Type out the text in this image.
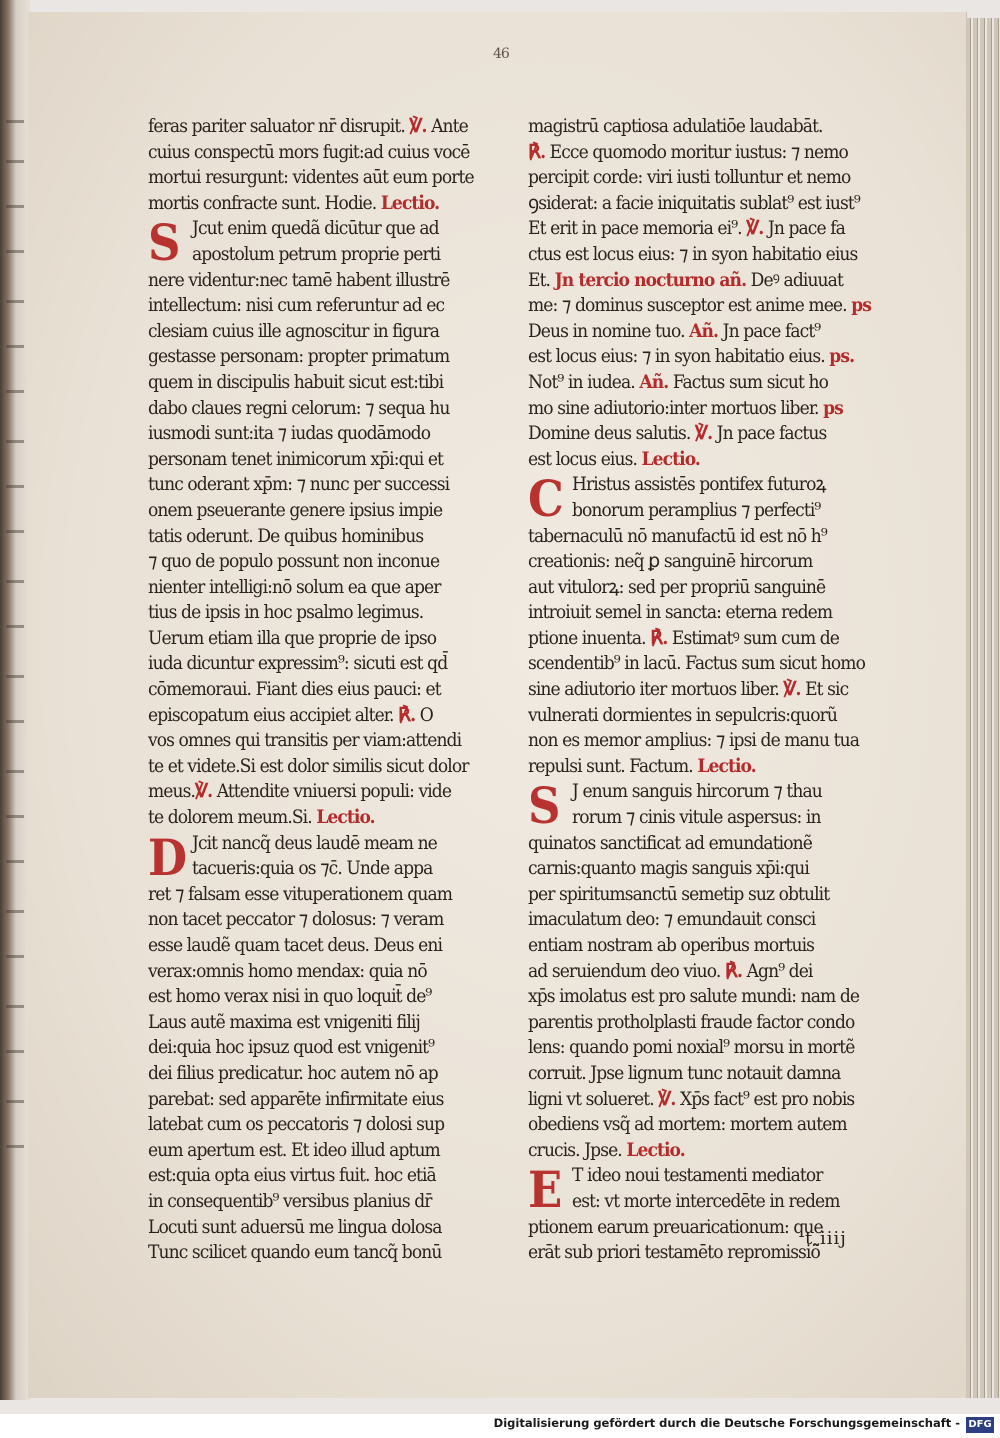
46
feras pariter saluator nr̄ disrupit. ℣. Ante
cuius conspectū mors fugit:ad cuius vocē
mortui resurgunt: videntes aūt eum porte
mortis confracte sunt. Hodie. Lectio.
S Jcut enim quedã dicūtur que ad
apostolum petrum proprie perti
nere videntur:nec tamē habent illustrē
intellectum: nisi cum referuntur ad ec
clesiam cuius ille agnoscitur in figura
gestasse personam: propter primatum
quem in discipulis habuit sicut est:tibi
dabo claues regni celorum: ⁊ sequa hu
iusmodi sunt:ita ⁊ iudas quodāmodo
personam tenet inimicorum xp̄i:qui et
tunc oderant xp̄m: ⁊ nunc per successi
onem pseuerante genere ipsius impie
tatis oderunt. De quibus hominibus
⁊ quo de populo possunt non inconue
nienter intelligi:nō solum ea que aper
tius de ipsis in hoc psalmo legimus.
Uerum etiam illa que proprie de ipso
iuda dicuntur expressim⁹: sicuti est qd̄
cōmemoraui. Fiant dies eius pauci: et
episcopatum eius accipiet alter. ℟. O
vos omnes qui transitis per viam:attendi
te et videte.Si est dolor similis sicut dolor
meus.℣. Attendite vniuersi populi: vide
te dolorem meum.Si. Lectio.
D Jcit nancq̃ deus laudē meam ne
tacueris:quia os ⁊c̄. Unde appa
ret ⁊ falsam esse vituperationem quam
non tacet peccator ⁊ dolosus: ⁊ veram
esse laudẽ quam tacet deus. Deus eni
verax:omnis homo mendax: quia nō
est homo verax nisi in quo loquit̄ de⁹
Laus autẽ maxima est vnigeniti filij
dei:quia hoc ipsuz quod est vnigenit⁹
dei filius predicatur. hoc autem nō ap
parebat: sed apparēte infirmitate eius
latebat cum os peccatoris ⁊ dolosi sup
eum apertum est. Et ideo illud aptum
est:quia opta eius virtus fuit. hoc etiā
in consequentib⁹ versibus planius dr̄
Locuti sunt aduersū me lingua dolosa
Tunc scilicet quando eum tancq̃ bonū
magistrū captiosa adulatiōe laudabāt.
℟. Ecce quomodo moritur iustus: ⁊ nemo
percipit corde: viri iusti tolluntur et nemo
ꝯsiderat: a facie iniquitatis sublat⁹ est iust⁹
Et erit in pace memoria ei⁹. ℣. Jn pace fa
ctus est locus eius: ⁊ in syon habitatio eius
Et. Jn tercio nocturno añ. Deꝰ adiuuat
me: ⁊ dominus susceptor est anime mee. ps
Deus in nomine tuo. Añ. Jn pace fact⁹
est locus eius: ⁊ in syon habitatio eius. ps.
Not⁹ in iudea. Añ. Factus sum sicut ho
mo sine adiutorio:inter mortuos liber. ps
Domine deus salutis. ℣. Jn pace factus
est locus eius. Lectio.
C Hristus assistēs pontifex futuroꝝ
bonorum peramplius ⁊ perfecti⁹
tabernaculū nō manufactū id est nō h⁹
creationis: neq̃ ꝑ sanguinē hircorum
aut vitulorꝝ: sed per propriū sanguinē
introiuit semel in sancta: eterna redem
ptione inuenta. ℟. Estimatꝰ sum cum de
scendentib⁹ in lacū. Factus sum sicut homo
sine adiutorio iter mortuos liber. ℣. Et sic
vulnerati dormientes in sepulcris:quorũ
non es memor amplius: ⁊ ipsi de manu tua
repulsi sunt. Factum. Lectio.
S J enum sanguis hircorum ⁊ thau
rorum ⁊ cinis vitule aspersus: in
quinatos sanctificat ad emundationẽ
carnis:quanto magis sanguis xp̄i:qui
per spiritumsanctū semetip suz obtulit
imaculatum deo: ⁊ emundauit consci
entiam nostram ab operibus mortuis
ad seruiendum deo viuo. ℟. Agn⁹ dei
xp̄s imolatus est pro salute mundi: nam de
parentis protholplasti fraude factor condo
lens: quando pomi noxial⁹ morsu in mortẽ
corruit. Jpse lignum tunc notauit damna
ligni vt solueret. ℣. Xp̄s fact⁹ est pro nobis
obediens vsq̃ ad mortem: mortem autem
crucis. Jpse. Lectio.
E T ideo noui testamenti mediator
est: vt morte intercedēte in redem
ptionem earum preuaricationum: que
erāt sub priori testamēto repromissiõ̃
t iiij
Digitalisierung gefördert durch die Deutsche Forschungsgemeinschaft - DFG
